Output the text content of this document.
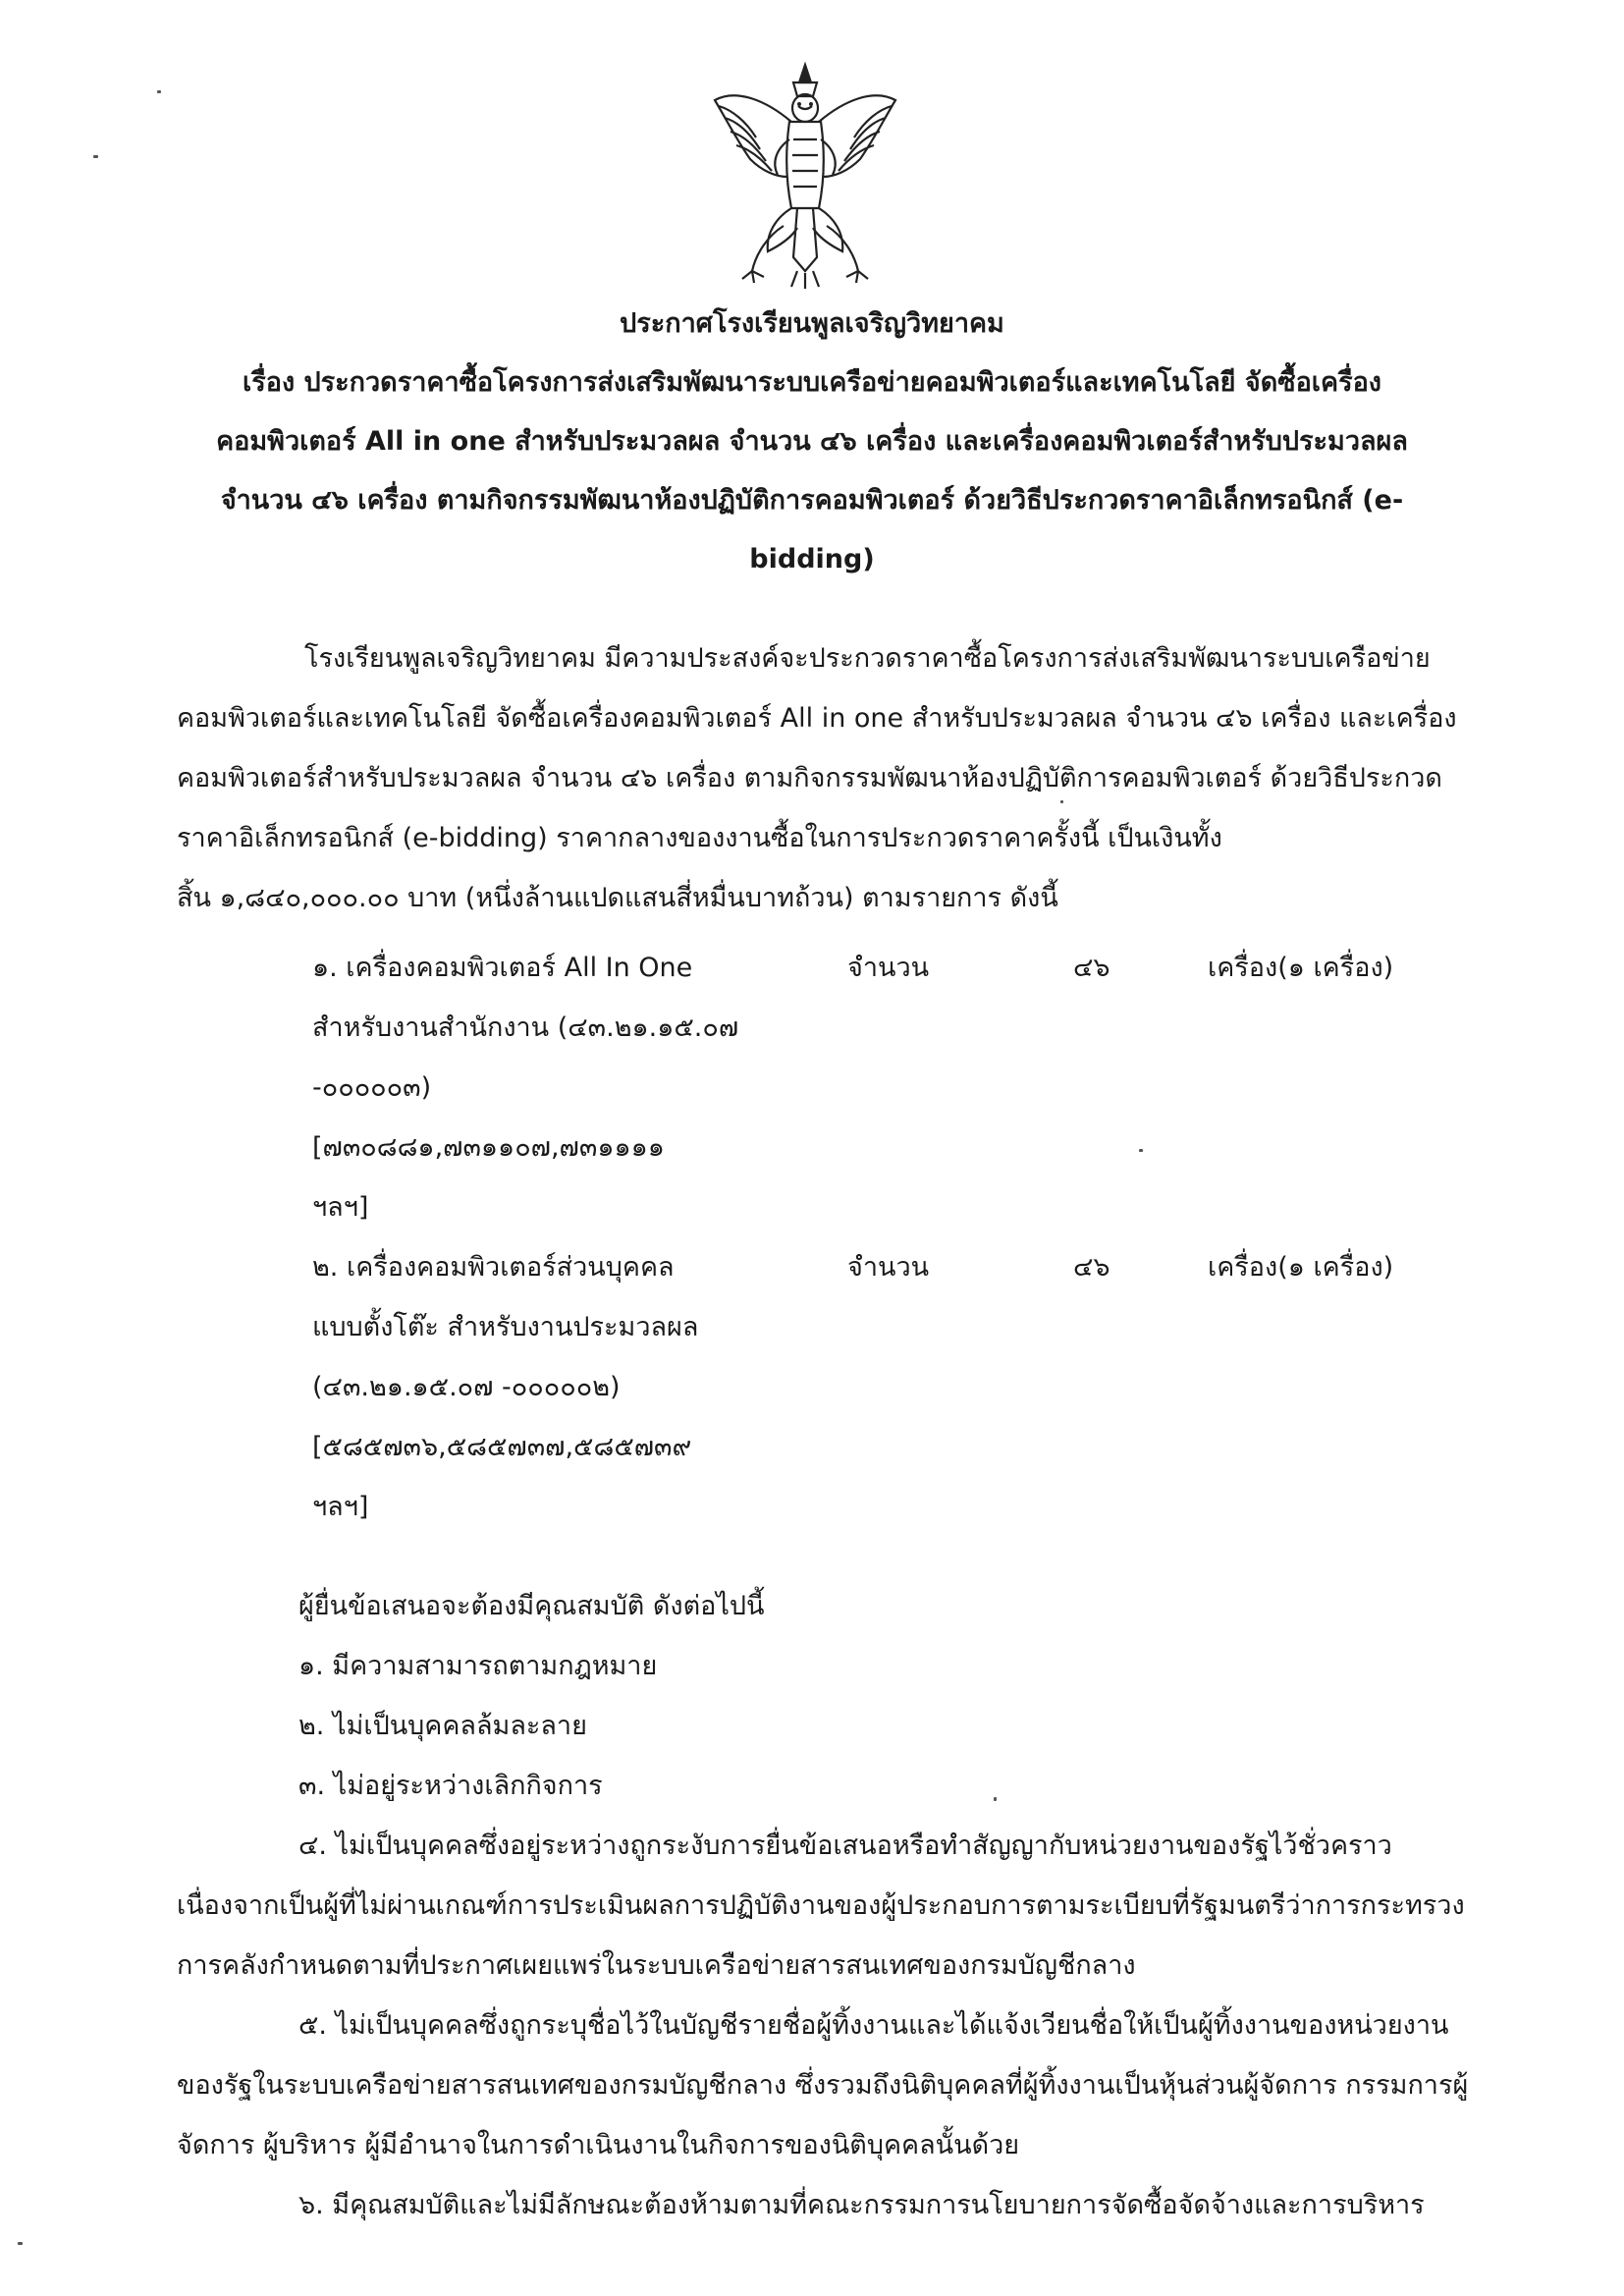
ประกาศโรงเรียนพูลเจริญวิทยาคม
เรื่อง ประกวดราคาซื้อโครงการส่งเสริมพัฒนาระบบเครือข่ายคอมพิวเตอร์และเทคโนโลยี จัดซื้อเครื่อง
คอมพิวเตอร์ All in one สำหรับประมวลผล จำนวน ๔๖ เครื่อง และเครื่องคอมพิวเตอร์สำหรับประมวลผล
จำนวน ๔๖ เครื่อง ตามกิจกรรมพัฒนาห้องปฏิบัติการคอมพิวเตอร์ ด้วยวิธีประกวดราคาอิเล็กทรอนิกส์ (e-
bidding)

โรงเรียนพูลเจริญวิทยาคม มีความประสงค์จะประกวดราคาซื้อโครงการส่งเสริมพัฒนาระบบเครือข่าย
คอมพิวเตอร์และเทคโนโลยี จัดซื้อเครื่องคอมพิวเตอร์ All in one สำหรับประมวลผล จำนวน ๔๖ เครื่อง และเครื่อง
คอมพิวเตอร์สำหรับประมวลผล จำนวน ๔๖ เครื่อง ตามกิจกรรมพัฒนาห้องปฏิบัติการคอมพิวเตอร์ ด้วยวิธีประกวด
ราคาอิเล็กทรอนิกส์ (e-bidding) ราคากลางของงานซื้อในการประกวดราคาครั้งนี้ เป็นเงินทั้ง
สิ้น ๑,๘๔๐,๐๐๐.๐๐ บาท (หนึ่งล้านแปดแสนสี่หมื่นบาทถ้วน) ตามรายการ ดังนี้

๑. เครื่องคอมพิวเตอร์ All In One
สำหรับงานสำนักงาน (๔๓.๒๑.๑๕.๐๗
-๐๐๐๐๐๓)
[๗๓๐๘๘๑,๗๓๑๑๐๗,๗๓๑๑๑๑
ฯลฯ]
จำนวน	๔๖	เครื่อง(๑ เครื่อง)
๒. เครื่องคอมพิวเตอร์ส่วนบุคคล
แบบตั้งโต๊ะ สำหรับงานประมวลผล
(๔๓.๒๑.๑๕.๐๗ -๐๐๐๐๐๒)
[๕๘๕๗๓๖,๕๘๕๗๓๗,๕๘๕๗๓๙
ฯลฯ]
จำนวน	๔๖	เครื่อง(๑ เครื่อง)
ผู้ยื่นข้อเสนอจะต้องมีคุณสมบัติ ดังต่อไปนี้
๑. มีความสามารถตามกฎหมาย
๒. ไม่เป็นบุคคลล้มละลาย
๓. ไม่อยู่ระหว่างเลิกกิจการ
๔. ไม่เป็นบุคคลซึ่งอยู่ระหว่างถูกระงับการยื่นข้อเสนอหรือทำสัญญากับหน่วยงานของรัฐไว้ชั่วคราว
เนื่องจากเป็นผู้ที่ไม่ผ่านเกณฑ์การประเมินผลการปฏิบัติงานของผู้ประกอบการตามระเบียบที่รัฐมนตรีว่าการกระทรวง
การคลังกำหนดตามที่ประกาศเผยแพร่ในระบบเครือข่ายสารสนเทศของกรมบัญชีกลาง
๕. ไม่เป็นบุคคลซึ่งถูกระบุชื่อไว้ในบัญชีรายชื่อผู้ทิ้งงานและได้แจ้งเวียนชื่อให้เป็นผู้ทิ้งงานของหน่วยงาน
ของรัฐในระบบเครือข่ายสารสนเทศของกรมบัญชีกลาง ซึ่งรวมถึงนิติบุคคลที่ผู้ทิ้งงานเป็นหุ้นส่วนผู้จัดการ กรรมการผู้
จัดการ ผู้บริหาร ผู้มีอำนาจในการดำเนินงานในกิจการของนิติบุคคลนั้นด้วย
๖. มีคุณสมบัติและไม่มีลักษณะต้องห้ามตามที่คณะกรรมการนโยบายการจัดซื้อจัดจ้างและการบริหาร
